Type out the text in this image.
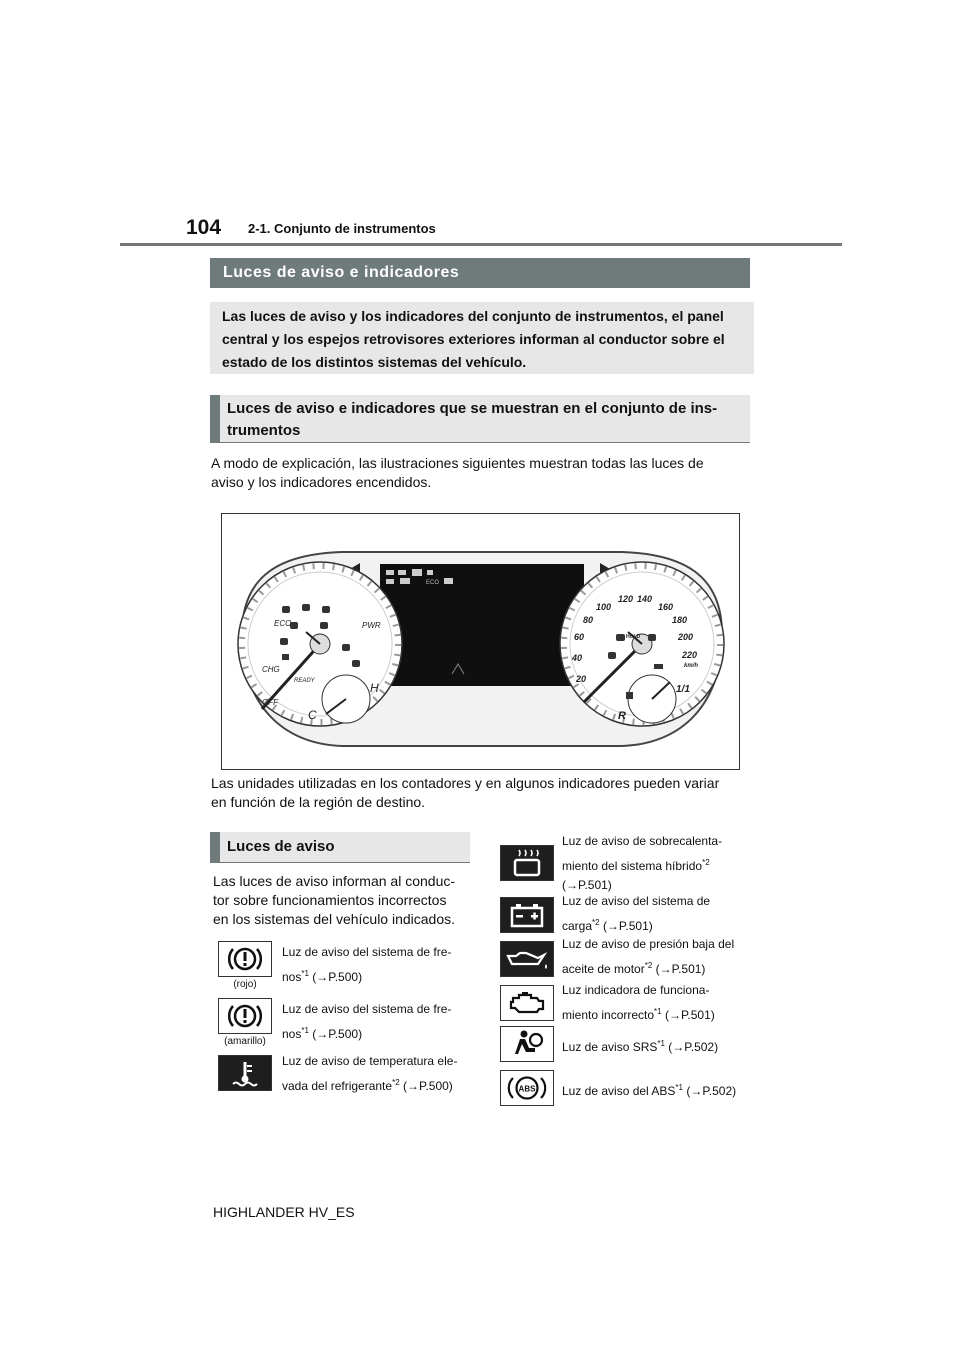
104 2-1. Conjunto de instrumentos
Luces de aviso e indicadores
Las luces de aviso y los indicadores del conjunto de instrumentos, el panel
central y los espejos retrovisores exteriores informan al conductor sobre el
estado de los distintos sistemas del vehículo.
Luces de aviso e indicadores que se muestran en el conjunto de ins-
trumentos
A modo de explicación, las ilustraciones siguientes muestran todas las luces de
aviso y los indicadores encendidos.
ECO
ECO	PWR
CHG
READY
OFF
C
H
20
40
60
80
100
120 140
160
180
200
220
km/h
R
1/1
HOLD
Las unidades utilizadas en los contadores y en algunos indicadores pueden variar
en función de la región de destino.
Luces de aviso
Las luces de aviso informan al conduc-
tor sobre funcionamientos incorrectos
en los sistemas del vehículo indicados.
(rojo)
Luz de aviso del sistema de fre-
nos$^{*1}$ (→P.500)
(amarillo)
Luz de aviso del sistema de fre-
nos$^{*1}$ (→P.500)
Luz de aviso de temperatura ele-
vada del refrigerante$^{*2}$ (→P.500)
Luz de aviso de sobrecalenta-
miento del sistema híbrido$^{*2}$
(→P.501)
Luz de aviso del sistema de
carga$^{*2}$ (→P.501)
Luz de aviso de presión baja del
aceite de motor$^{*2}$ (→P.501)
Luz indicadora de funciona-
miento incorrecto$^{*1}$ (→P.501)
Luz de aviso SRS$^{*1}$ (→P.502)
ABS Luz de aviso del ABS$^{*1}$ (→P.502)
HIGHLANDER HV_ES
